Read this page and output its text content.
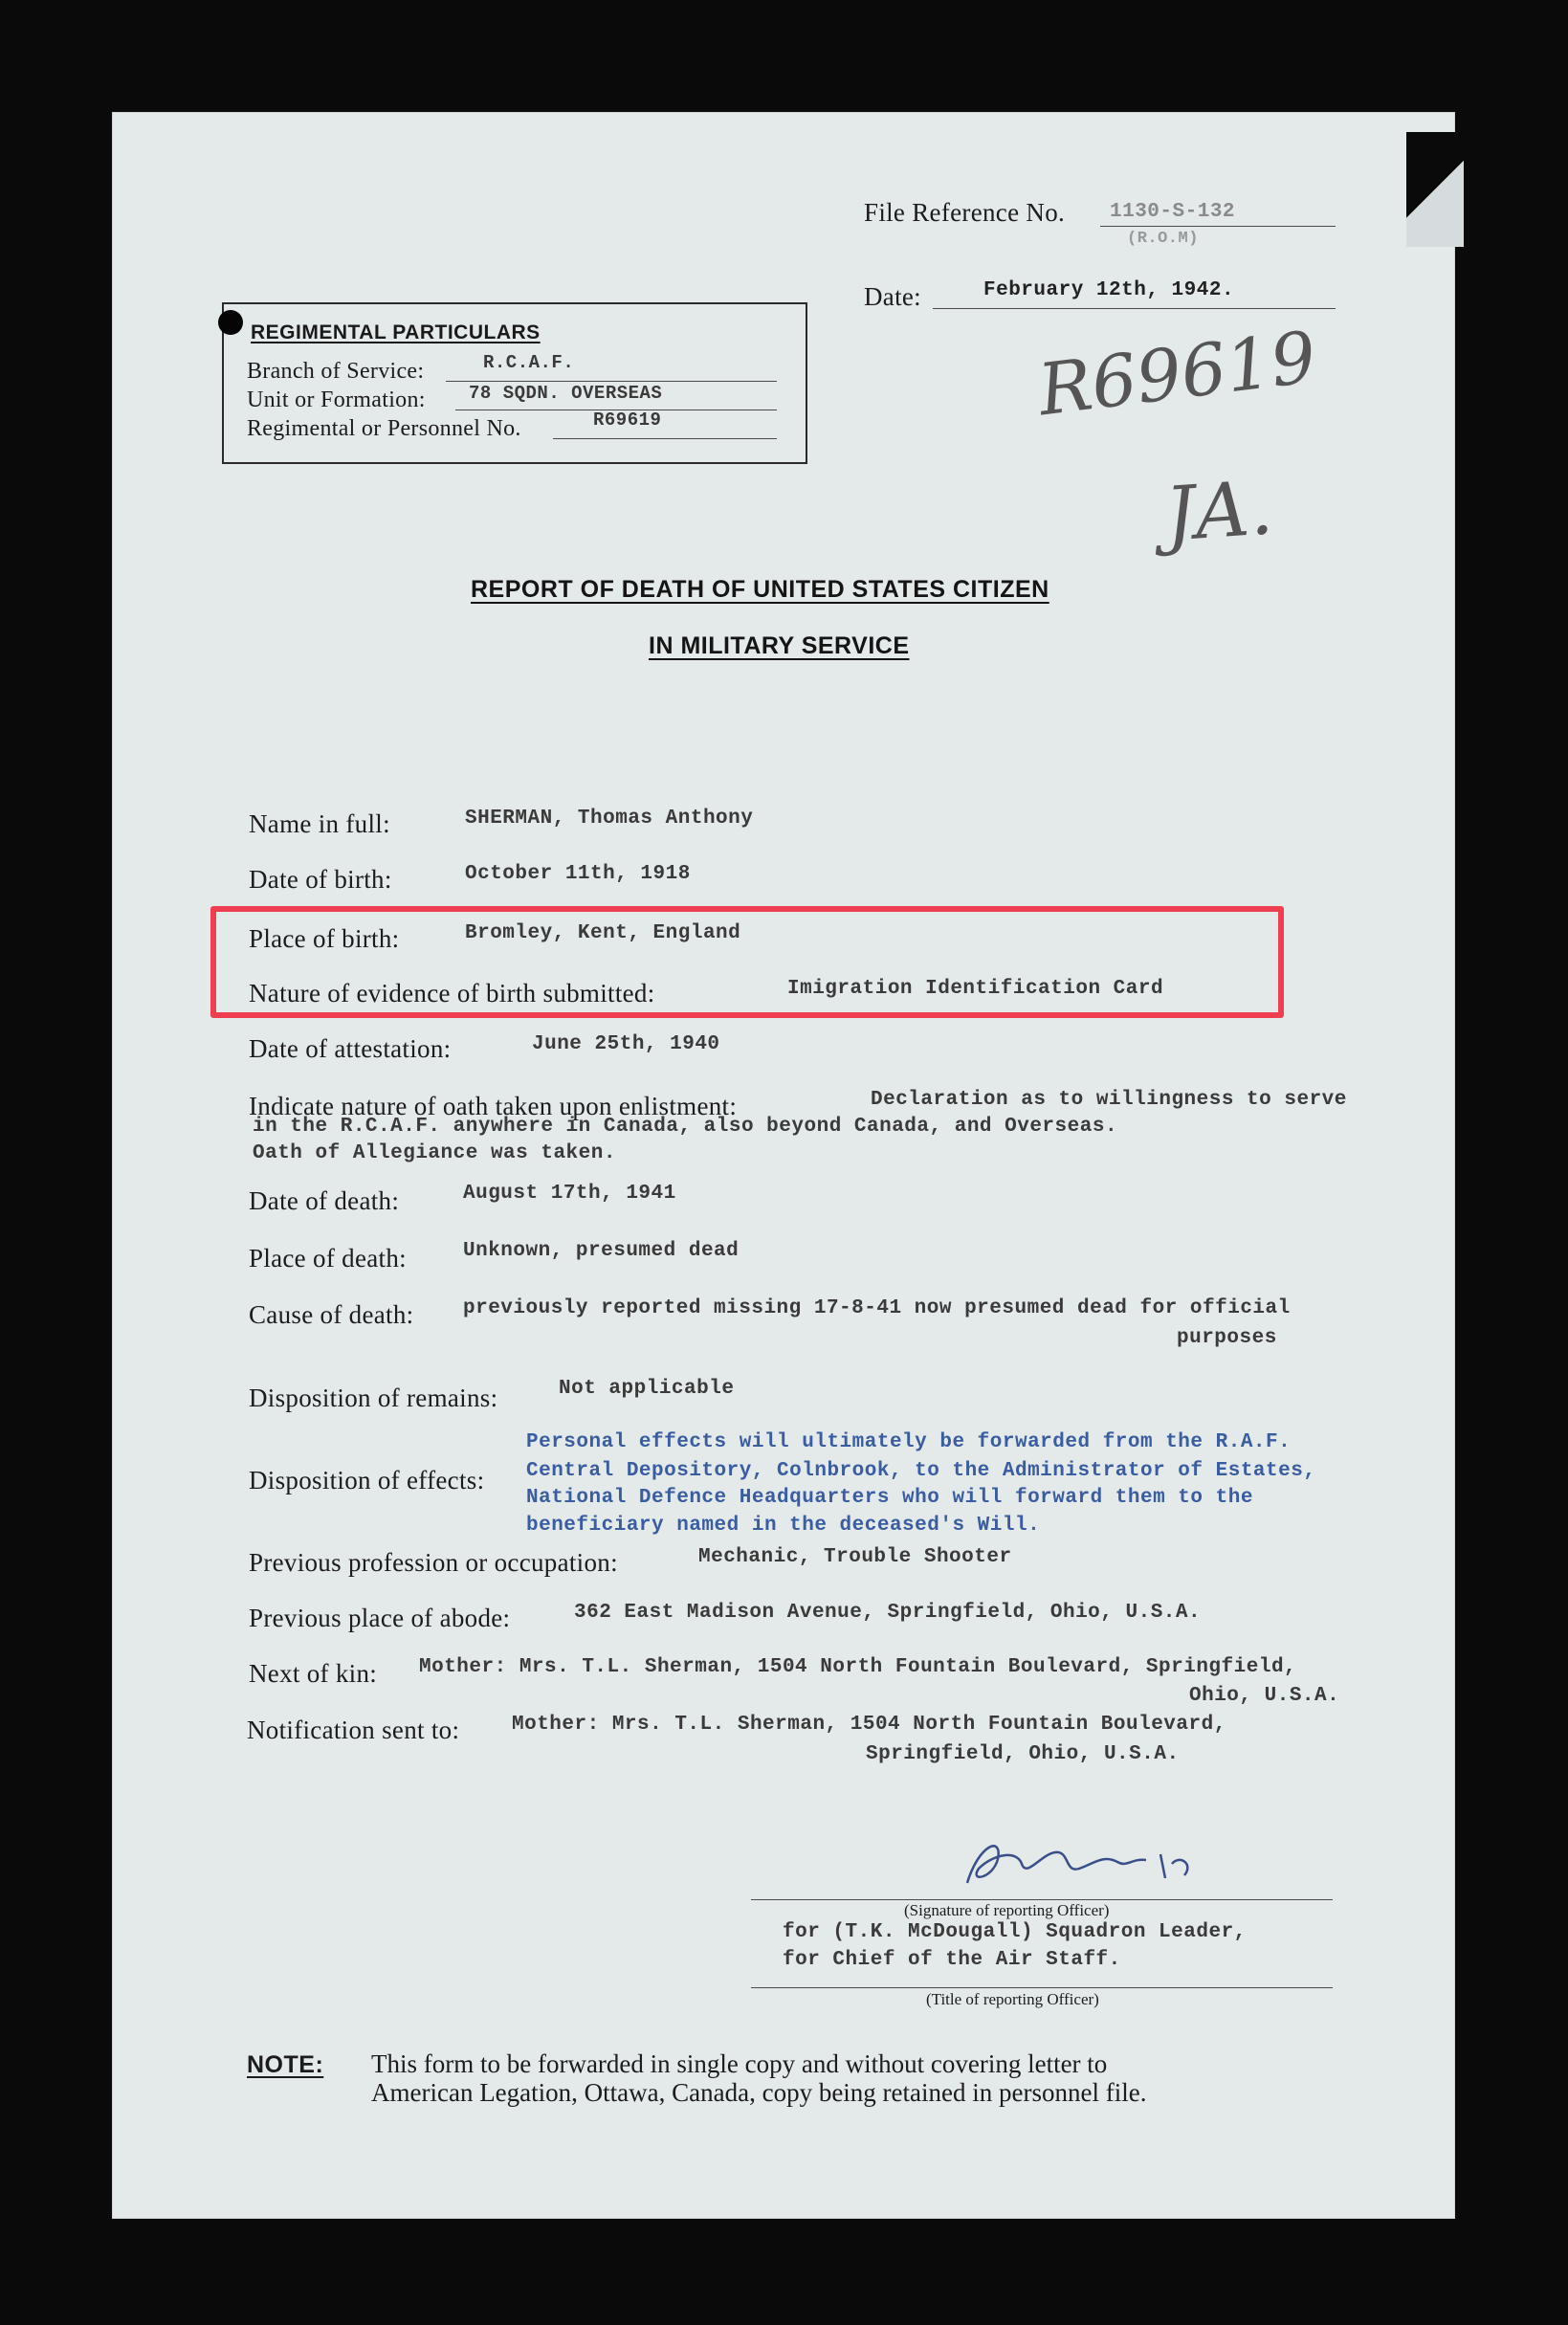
File Reference No. 1130-S-132
(R.O.M)
Date:	February 12th, 1942.
R69619
JA.
REGIMENTAL PARTICULARS
Branch of Service:	R.C.A.F.
Unit or Formation: 78 SQDN. OVERSEAS
Regimental or Personnel No.	R69619
REPORT OF DEATH OF UNITED STATES CITIZEN
IN MILITARY SERVICE
Name in full:	SHERMAN, Thomas Anthony
Date of birth:	October 11th, 1918
Place of birth:	Bromley, Kent, England
Nature of evidence of birth submitted:	Imigration Identification Card
Date of attestation:	June 25th, 1940
Indicate nature of oath taken upon enlistment:	Declaration as to willingness to serve
in the R.C.A.F. anywhere in Canada, also beyond Canada, and Overseas.
Oath of Allegiance was taken.
Date of death:	August 17th, 1941
Place of death:	Unknown, presumed dead
Cause of death: previously reported missing 17-8-41 now presumed dead for official
purposes
Disposition of remains:	Not applicable
Disposition of effects:
Personal effects will ultimately be forwarded from the R.A.F.
Central Depository, Colnbrook, to the Administrator of Estates,
National Defence Headquarters who will forward them to the
beneficiary named in the deceased's Will.
Previous profession or occupation:	Mechanic, Trouble Shooter
Previous place of abode:	362 East Madison Avenue, Springfield, Ohio, U.S.A.
Next of kin: Mother: Mrs. T.L. Sherman, 1504 North Fountain Boulevard, Springfield,
Ohio, U.S.A.
Notification sent to:	Mother: Mrs. T.L. Sherman, 1504 North Fountain Boulevard,
Springfield, Ohio, U.S.A.
(Signature of reporting Officer)
for (T.K. McDougall) Squadron Leader,
for Chief of the Air Staff.
(Title of reporting Officer)
NOTE: This form to be forwarded in single copy and without covering letter to
American Legation, Ottawa, Canada, copy being retained in personnel file.
